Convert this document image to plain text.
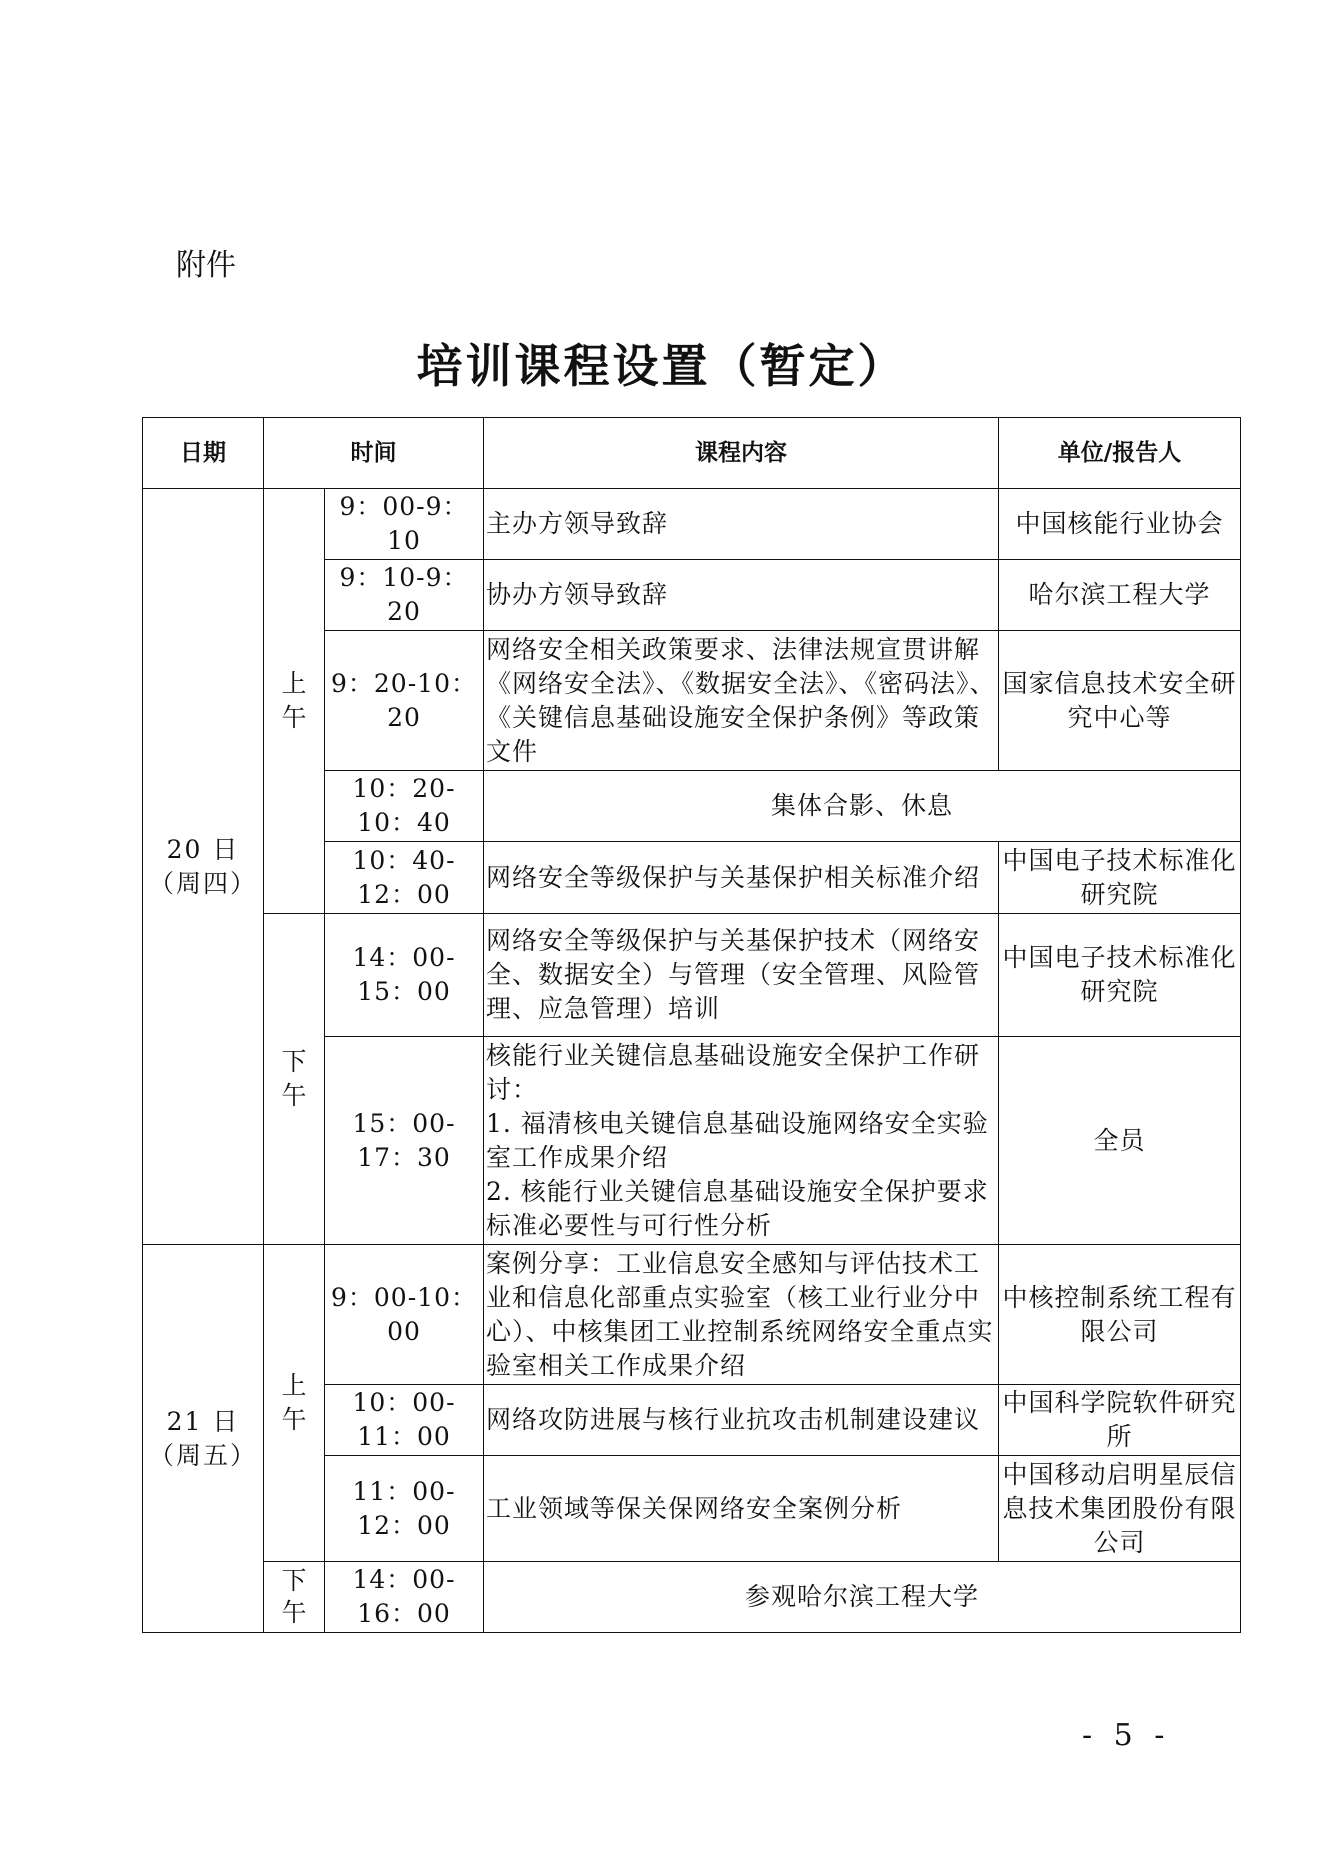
附件
培训课程设置（暂定）
日期	时间		课程内容	单位/报告人

20 日
（周四）	上午	9：00-9：10	主办方领导致辞	中国核能行业协会
		9：10-9：20	协办方领导致辞	哈尔滨工程大学
		9：20-10：20	网络安全相关政策要求、法律法规宣贯讲解《网络安全法》、《数据安全法》、《密码法》、《关键信息基础设施安全保护条例》等政策文件	国家信息技术安全研究中心等
		10：20-10：40	集体合影、休息	
		10：40-12：00	网络安全等级保护与关基保护相关标准介绍	中国电子技术标准化研究院

	下午	14：00-15：00	网络安全等级保护与关基保护技术（网络安全、数据安全）与管理（安全管理、风险管理、应急管理）培训	中国电子技术标准化研究院
		15：00-17：30	核能行业关键信息基础设施安全保护工作研讨：
1. 福清核电关键信息基础设施网络安全实验室工作成果介绍
2. 核能行业关键信息基础设施安全保护要求标准必要性与可行性分析	全员

21 日
（周五）	上午	9：00-10：00	案例分享：工业信息安全感知与评估技术工业和信息化部重点实验室（核工业行业分中心）、中核集团工业控制系统网络安全重点实验室相关工作成果介绍	中核控制系统工程有限公司
		10：00-11：00	网络攻防进展与核行业抗攻击机制建设建议	中国科学院软件研究所
		11：00-12：00	工业领域等保关保网络安全案例分析	中国移动启明星辰信息技术集团股份有限公司

	下午	14：00-16：00	参观哈尔滨工程大学	
- 5 -
